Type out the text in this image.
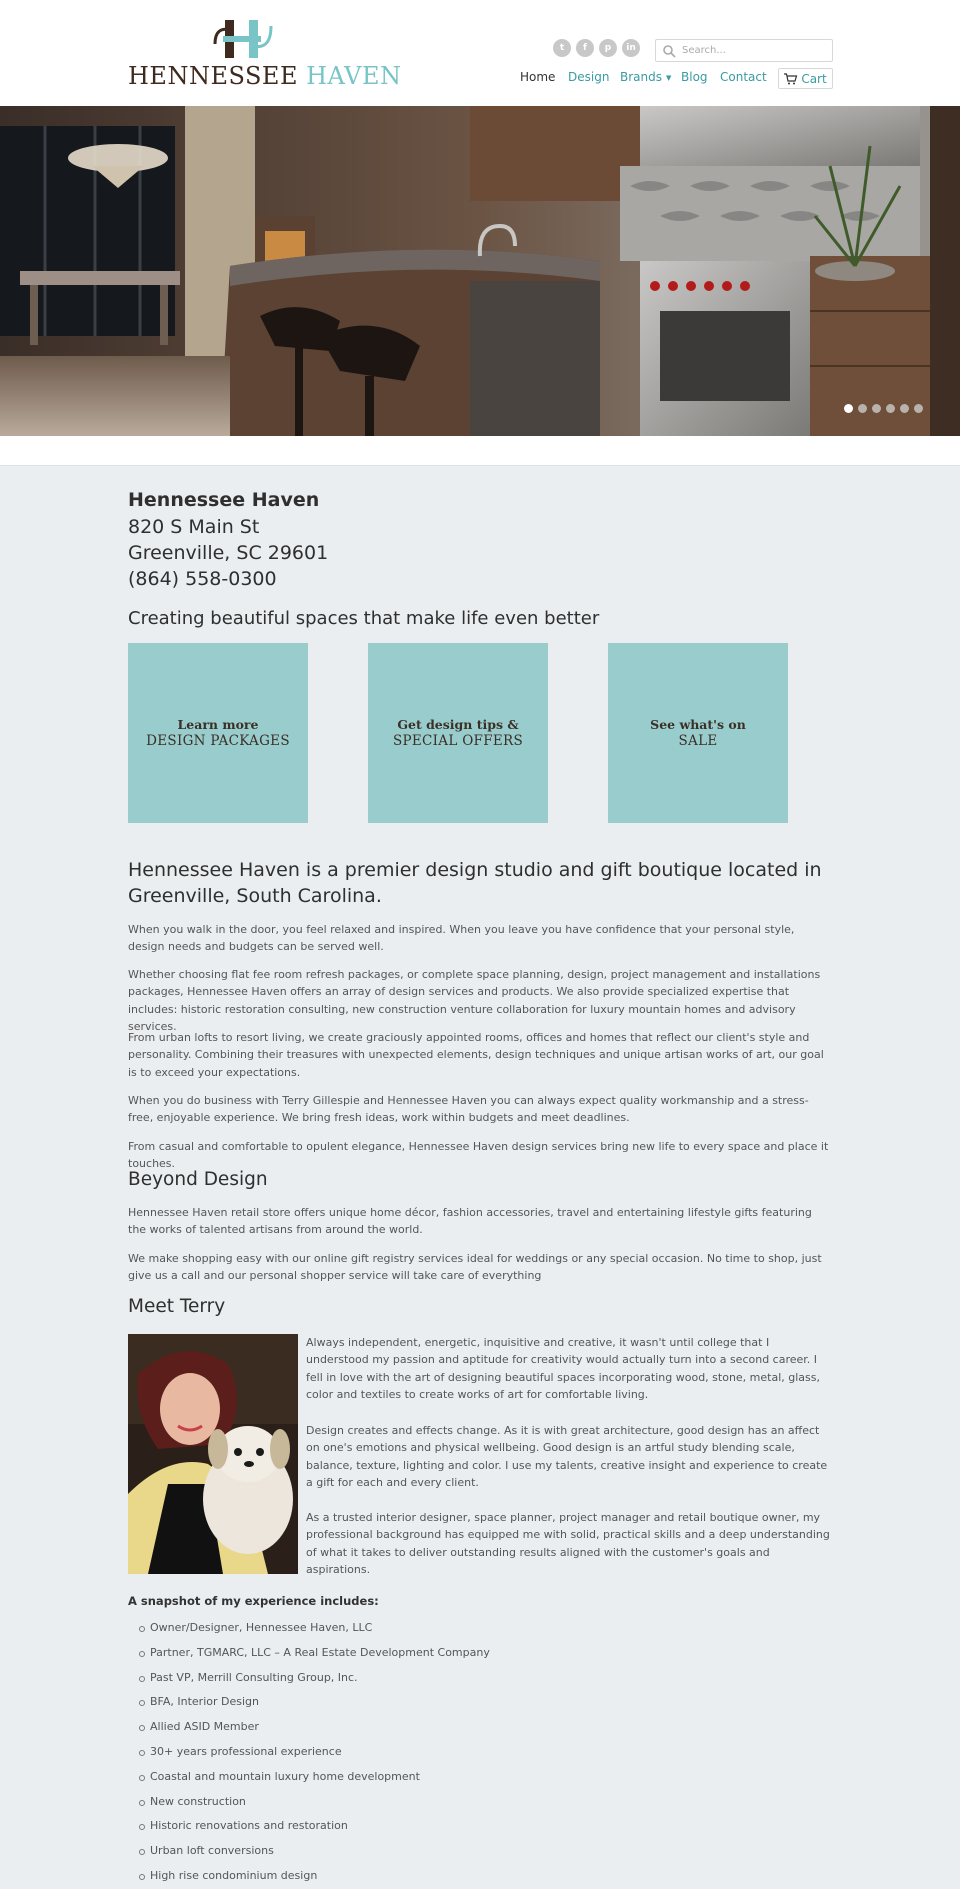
HENNESSEE HAVEN
t	f	p	in
Search...
Home Design Brands ▼ Blog Contact	Cart
Hennessee Haven
820 S Main St
Greenville, SC 29601
(864) 558-0300
Creating beautiful spaces that make life even better
Learn more
DESIGN PACKAGES
Get design tips &
SPECIAL OFFERS
See what's on
SALE
Hennessee Haven is a premier design studio and gift boutique located in Greenville, South Carolina.
When you walk in the door, you feel relaxed and inspired. When you leave you have confidence that your personal style, design needs and budgets can be served well.
Whether choosing flat fee room refresh packages, or complete space planning, design, project management and installations packages, Hennessee Haven offers an array of design services and products. We also provide specialized expertise that includes: historic restoration consulting, new construction venture collaboration for luxury mountain homes and advisory services.
From urban lofts to resort living, we create graciously appointed rooms, offices and homes that reflect our client's style and personality. Combining their treasures with unexpected elements, design techniques and unique artisan works of art, our goal is to exceed your expectations.
When you do business with Terry Gillespie and Hennessee Haven you can always expect quality workmanship and a stress-free, enjoyable experience. We bring fresh ideas, work within budgets and meet deadlines.
From casual and comfortable to opulent elegance, Hennessee Haven design services bring new life to every space and place it touches.
Beyond Design
Hennessee Haven retail store offers unique home décor, fashion accessories, travel and entertaining lifestyle gifts featuring the works of talented artisans from around the world.
We make shopping easy with our online gift registry services ideal for weddings or any special occasion. No time to shop, just give us a call and our personal shopper service will take care of everything
Meet Terry
Always independent, energetic, inquisitive and creative, it wasn't until college that I understood my passion and aptitude for creativity would actually turn into a second career. I fell in love with the art of designing beautiful spaces incorporating wood, stone, metal, glass, color and textiles to create works of art for comfortable living.
Design creates and effects change. As it is with great architecture, good design has an affect on one's emotions and physical wellbeing. Good design is an artful study blending scale, balance, texture, lighting and color. I use my talents, creative insight and experience to create a gift for each and every client.
As a trusted interior designer, space planner, project manager and retail boutique owner, my professional background has equipped me with solid, practical skills and a deep understanding of what it takes to deliver outstanding results aligned with the customer's goals and aspirations.
A snapshot of my experience includes:
Owner/Designer, Hennessee Haven, LLC
Partner, TGMARC, LLC – A Real Estate Development Company
Past VP, Merrill Consulting Group, Inc.
BFA, Interior Design
Allied ASID Member
30+ years professional experience
Coastal and mountain luxury home development
New construction
Historic renovations and restoration
Urban loft conversions
High rise condominium design
